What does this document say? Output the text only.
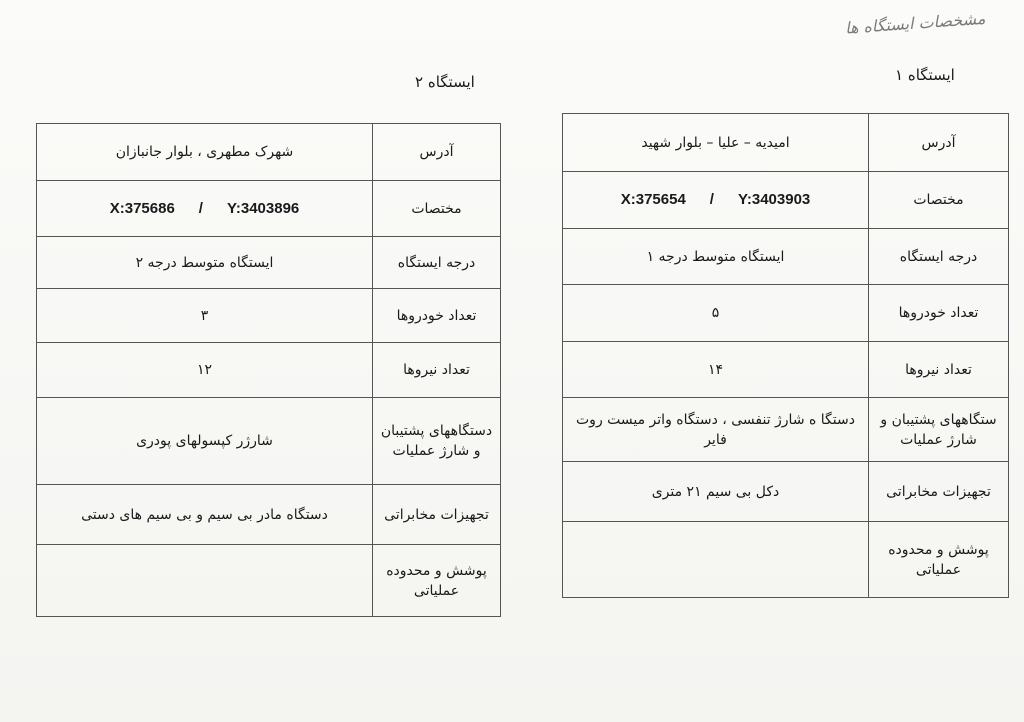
مشخصات ایستگاه ها
ایستگاه ۱
آدرس	امیدیه – علیا – بلوار شهید
مختصات	X:375654 / Y:3403903
درجه ایستگاه	ایستگاه متوسط درجه ۱
تعداد خودروها	۵
تعداد نیروها	۱۴
ستگاههای پشتیبان و شارژ عملیات	دستگا ه شارژ تنفسی ، دستگاه واتر میست روت فایر
تجهیزات مخابراتی	دکل بی سیم ۲۱ متری
پوشش و محدوده عملیاتی	
ایستگاه ۲
آدرس	شهرک مطهری ، بلوار جانبازان
مختصات	X:375686 / Y:3403896
درجه ایستگاه	ایستگاه متوسط درجه ۲
تعداد خودروها	۳
تعداد نیروها	۱۲
دستگاههای پشتیبان و شارژ عملیات	شارژر کپسولهای پودری
تجهیزات مخابراتی	دستگاه مادر بی سیم و بی سیم های دستی
پوشش و محدوده عملیاتی	
